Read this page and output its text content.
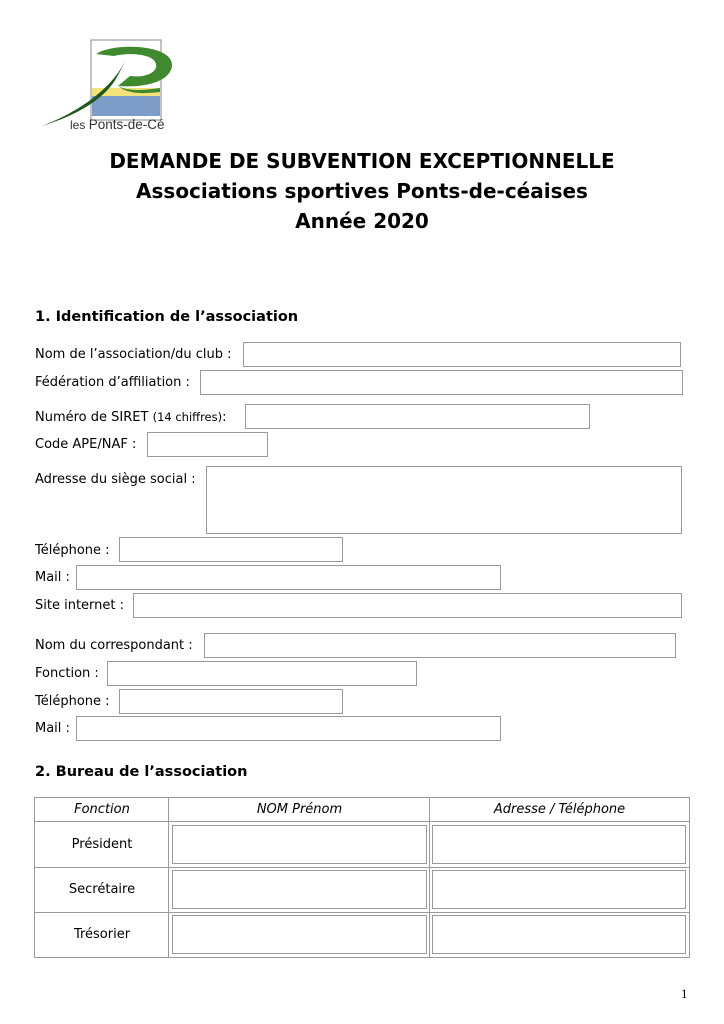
les Ponts-de-Cé
DEMANDE DE SUBVENTION EXCEPTIONNELLE
Associations sportives Ponts-de-céaises
Année 2020
1. Identification de l’association
Nom de l’association/du club :
Fédération d’affiliation :
Numéro de SIRET (14 chiffres):
Code APE/NAF :
Adresse du siège social :
Téléphone :
Mail :
Site internet :
Nom du correspondant :
Fonction :
Téléphone :
Mail :
2. Bureau de l’association
Fonction	NOM Prénom	Adresse / Téléphone
Président
Secrétaire
Trésorier
1
